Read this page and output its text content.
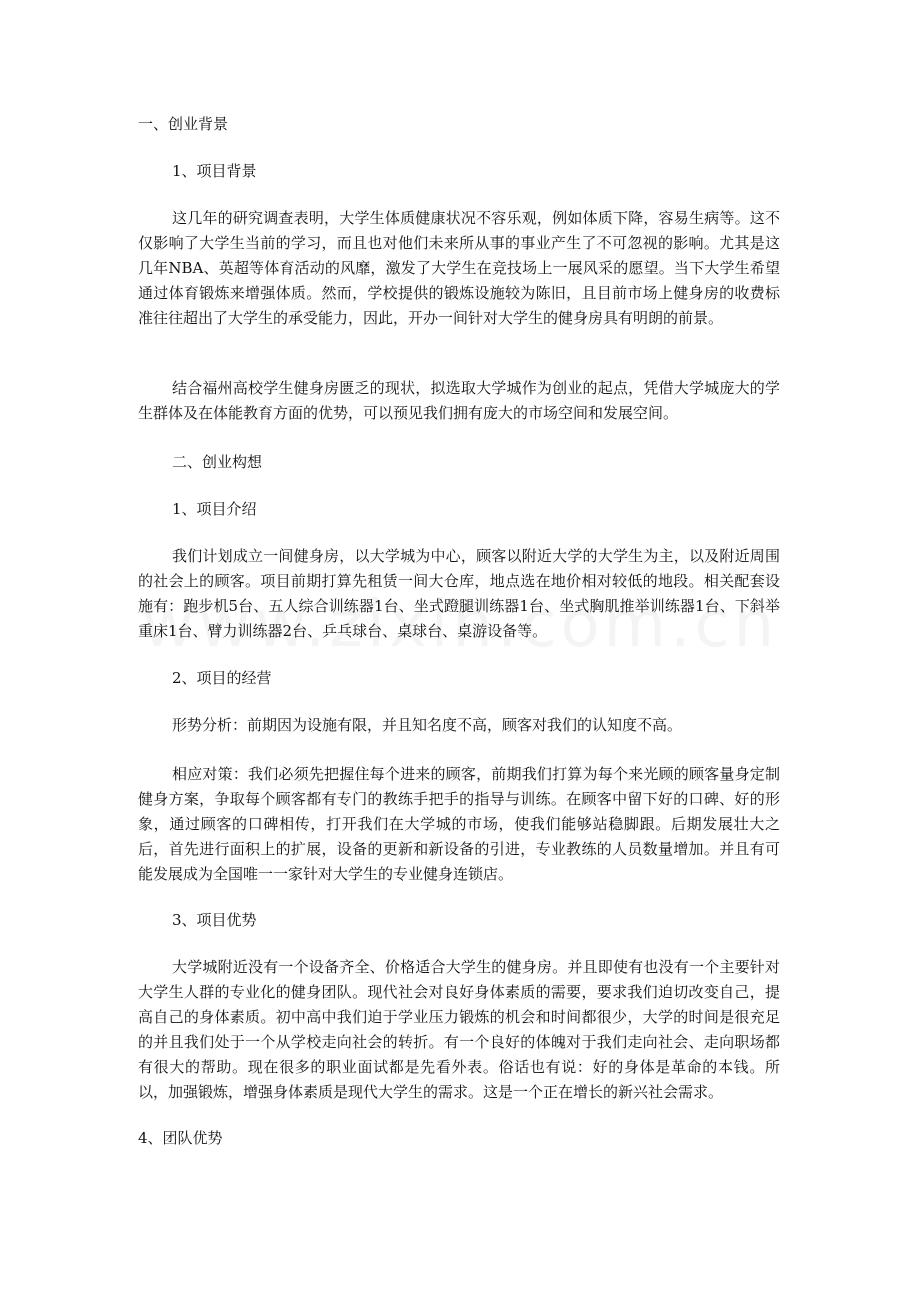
一、创业背景

1、项目背景

这几年的研究调查表明，大学生体质健康状况不容乐观，例如体质下降，容易生病等。这不仅影响了大学生当前的学习，而且也对他们未来所从事的事业产生了不可忽视的影响。尤其是这几年NBA、英超等体育活动的风靡，激发了大学生在竞技场上一展风采的愿望。当下大学生希望通过体育锻炼来增强体质。然而，学校提供的锻炼设施较为陈旧，且目前市场上健身房的收费标准往往超出了大学生的承受能力，因此，开办一间针对大学生的健身房具有明朗的前景。

结合福州高校学生健身房匮乏的现状，拟选取大学城作为创业的起点，凭借大学城庞大的学生群体及在体能教育方面的优势，可以预见我们拥有庞大的市场空间和发展空间。

二、创业构想

1、项目介绍

我们计划成立一间健身房，以大学城为中心，顾客以附近大学的大学生为主，以及附近周围的社会上的顾客。项目前期打算先租赁一间大仓库，地点选在地价相对较低的地段。相关配套设施有：跑步机5台、五人综合训练器1台、坐式蹬腿训练器1台、坐式胸肌推举训练器1台、下斜举重床1台、臂力训练器2台、乒乓球台、桌球台、桌游设备等。

2、项目的经营

形势分析：前期因为设施有限，并且知名度不高，顾客对我们的认知度不高。

相应对策：我们必须先把握住每个进来的顾客，前期我们打算为每个来光顾的顾客量身定制健身方案，争取每个顾客都有专门的教练手把手的指导与训练。在顾客中留下好的口碑、好的形象，通过顾客的口碑相传，打开我们在大学城的市场，使我们能够站稳脚跟。后期发展壮大之后，首先进行面积上的扩展，设备的更新和新设备的引进，专业教练的人员数量增加。并且有可能发展成为全国唯一一家针对大学生的专业健身连锁店。

3、项目优势

大学城附近没有一个设备齐全、价格适合大学生的健身房。并且即使有也没有一个主要针对大学生人群的专业化的健身团队。现代社会对良好身体素质的需要，要求我们迫切改变自己，提高自己的身体素质。初中高中我们迫于学业压力锻炼的机会和时间都很少，大学的时间是很充足的并且我们处于一个从学校走向社会的转折。有一个良好的体魄对于我们走向社会、走向职场都有很大的帮助。现在很多的职业面试都是先看外表。俗话也有说：好的身体是革命的本钱。所以，加强锻炼，增强身体素质是现代大学生的需求。这是一个正在增长的新兴社会需求。

4、团队优势
